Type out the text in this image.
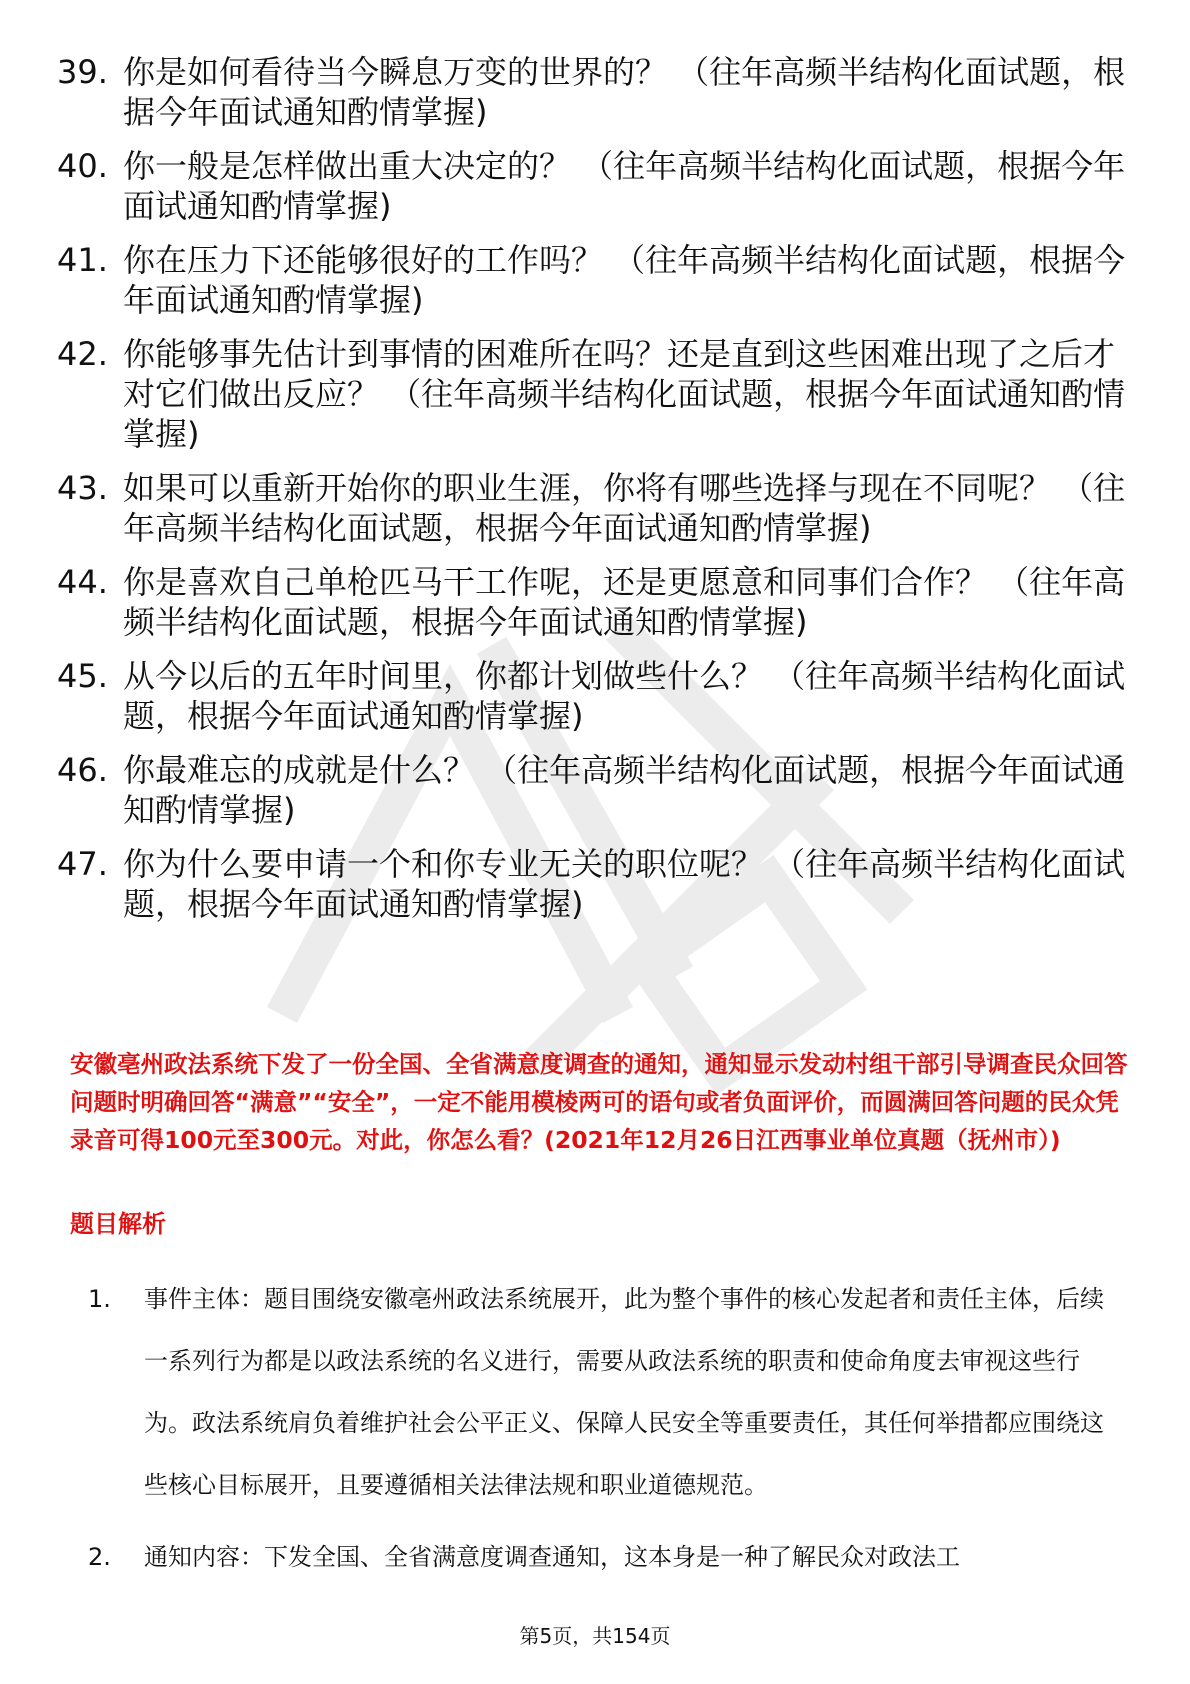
39. 你是如何看待当今瞬息万变的世界的？ （往年高频半结构化面试题，根据今年面试通知酌情掌握)
40. 你一般是怎样做出重大决定的？ （往年高频半结构化面试题，根据今年面试通知酌情掌握)
41. 你在压力下还能够很好的工作吗？ （往年高频半结构化面试题，根据今年面试通知酌情掌握)
42. 你能够事先估计到事情的困难所在吗？还是直到这些困难出现了之后才对它们做出反应？ （往年高频半结构化面试题，根据今年面试通知酌情掌握)
43. 如果可以重新开始你的职业生涯，你将有哪些选择与现在不同呢？ （往年高频半结构化面试题，根据今年面试通知酌情掌握)
44. 你是喜欢自己单枪匹马干工作呢，还是更愿意和同事们合作？ （往年高频半结构化面试题，根据今年面试通知酌情掌握)
45. 从今以后的五年时间里，你都计划做些什么？ （往年高频半结构化面试题，根据今年面试通知酌情掌握)
46. 你最难忘的成就是什么？ （往年高频半结构化面试题，根据今年面试通知酌情掌握)
47. 你为什么要申请一个和你专业无关的职位呢？ （往年高频半结构化面试题，根据今年面试通知酌情掌握)
安徽亳州政法系统下发了一份全国、全省满意度调查的通知，通知显示发动村组干部引导调查民众回答问题时明确回答“满意”“安全”，一定不能用模棱两可的语句或者负面评价，而圆满回答问题的民众凭录音可得100元至300元。对此，你怎么看？(2021年12月26日江西事业单位真题（抚州市）)
题目解析
1.	事件主体：题目围绕安徽亳州政法系统展开，此为整个事件的核心发起者和责任主体，后续一系列行为都是以政法系统的名义进行，需要从政法系统的职责和使命角度去审视这些行为。政法系统肩负着维护社会公平正义、保障人民安全等重要责任，其任何举措都应围绕这些核心目标展开，且要遵循相关法律法规和职业道德规范。
2.	通知内容：下发全国、全省满意度调查通知，这本身是一种了解民众对政法工
第5页，共154页
